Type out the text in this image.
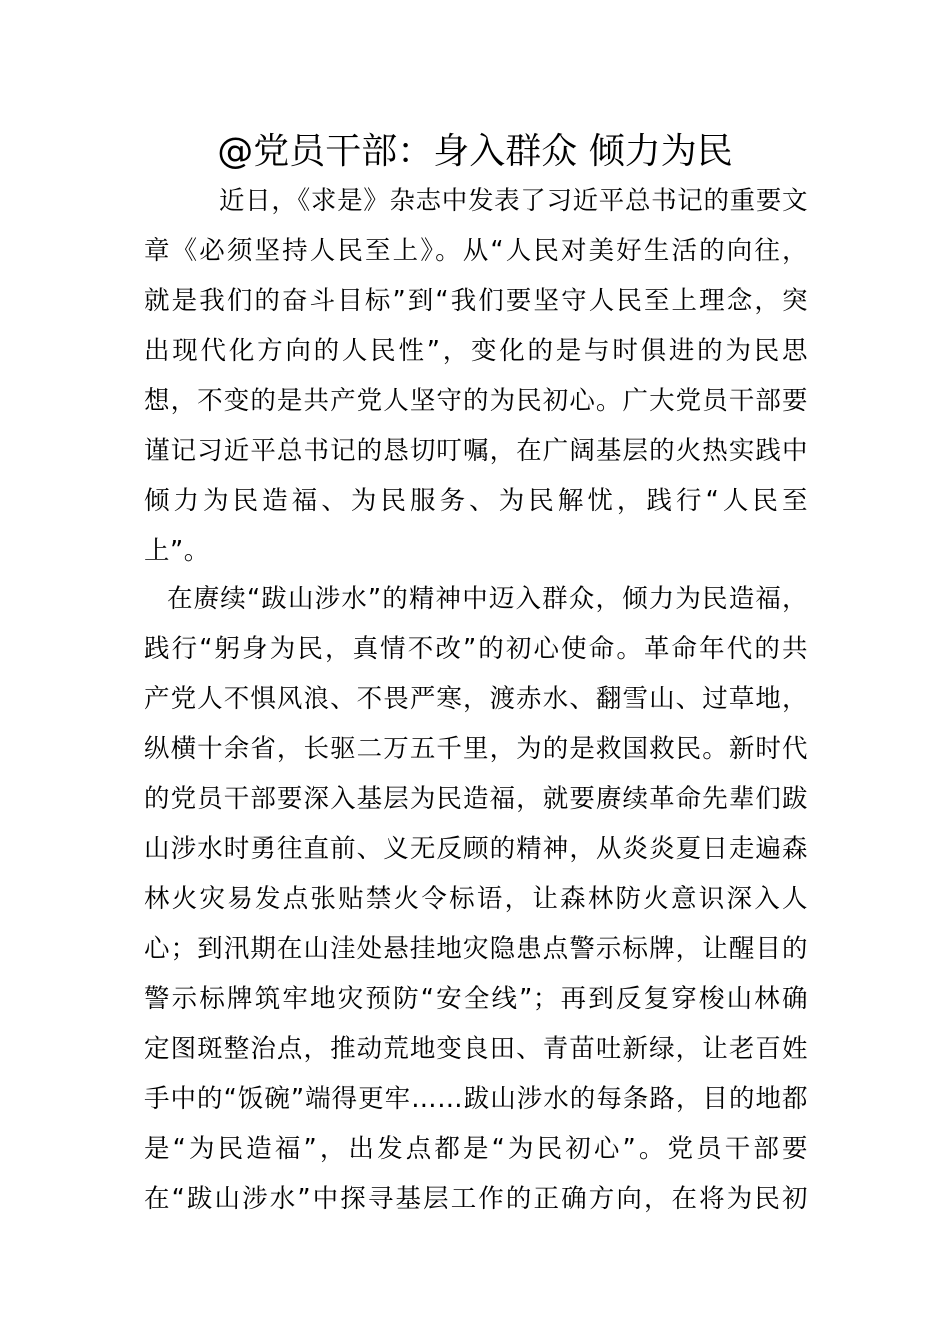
@党员干部：身入群众 倾力为民
近日，《求是》杂志中发表了习近平总书记的重要文
章《必须坚持人民至上》。从“人民对美好生活的向往，
就是我们的奋斗目标”到“我们要坚守人民至上理念，突
出现代化方向的人民性”，变化的是与时俱进的为民思
想，不变的是共产党人坚守的为民初心。广大党员干部要
谨记习近平总书记的恳切叮嘱，在广阔基层的火热实践中
倾力为民造福、为民服务、为民解忧，践行“人民至
上”。
在赓续“跋山涉水”的精神中迈入群众，倾力为民造福，
践行“躬身为民，真情不改”的初心使命。革命年代的共
产党人不惧风浪、不畏严寒，渡赤水、翻雪山、过草地，
纵横十余省，长驱二万五千里，为的是救国救民。新时代
的党员干部要深入基层为民造福，就要赓续革命先辈们跋
山涉水时勇往直前、义无反顾的精神，从炎炎夏日走遍森
林火灾易发点张贴禁火令标语，让森林防火意识深入人
心；到汛期在山洼处悬挂地灾隐患点警示标牌，让醒目的
警示标牌筑牢地灾预防“安全线”；再到反复穿梭山林确
定图斑整治点，推动荒地变良田、青苗吐新绿，让老百姓
手中的“饭碗”端得更牢……跋山涉水的每条路，目的地都
是“为民造福”，出发点都是“为民初心”。党员干部要
在“跋山涉水”中探寻基层工作的正确方向，在将为民初
